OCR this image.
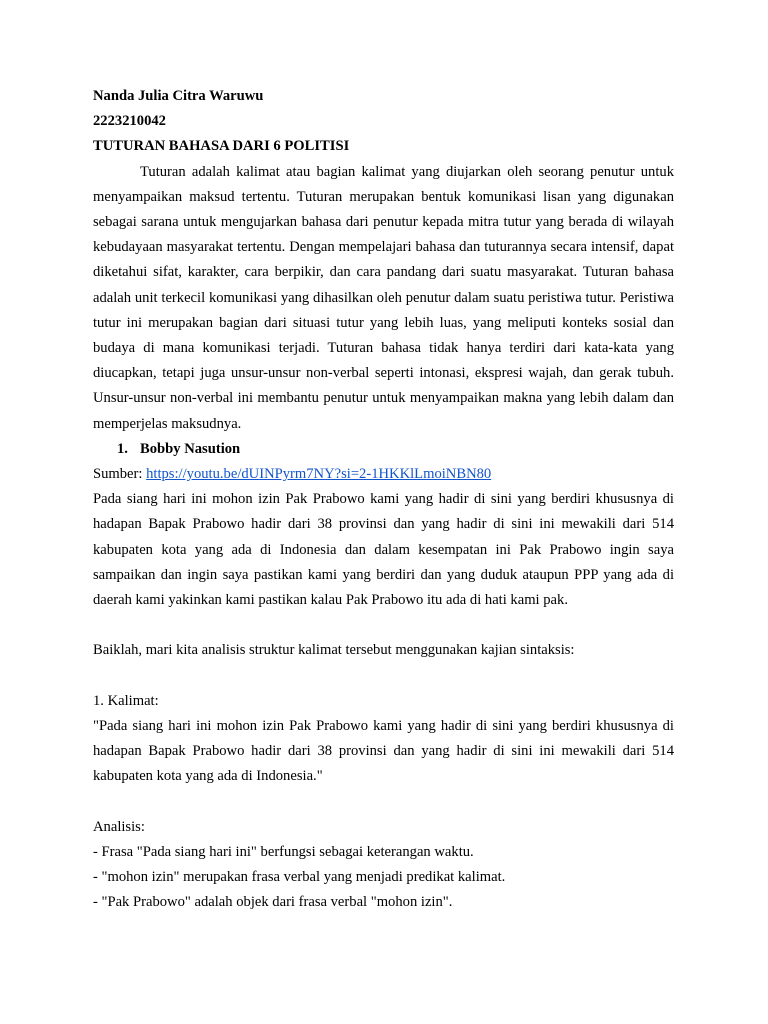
Nanda Julia Citra Waruwu

2223210042

TUTURAN BAHASA DARI 6 POLITISI

Tuturan adalah kalimat atau bagian kalimat yang diujarkan oleh seorang penutur untuk menyampaikan maksud tertentu. Tuturan merupakan bentuk komunikasi lisan yang digunakan sebagai sarana untuk mengujarkan bahasa dari penutur kepada mitra tutur yang berada di wilayah kebudayaan masyarakat tertentu. Dengan mempelajari bahasa dan tuturannya secara intensif, dapat diketahui sifat, karakter, cara berpikir, dan cara pandang dari suatu masyarakat. Tuturan bahasa adalah unit terkecil komunikasi yang dihasilkan oleh penutur dalam suatu peristiwa tutur. Peristiwa tutur ini merupakan bagian dari situasi tutur yang lebih luas, yang meliputi konteks sosial dan budaya di mana komunikasi terjadi. Tuturan bahasa tidak hanya terdiri dari kata-kata yang diucapkan, tetapi juga unsur-unsur non-verbal seperti intonasi, ekspresi wajah, dan gerak tubuh. Unsur-unsur non-verbal ini membantu penutur untuk menyampaikan makna yang lebih dalam dan memperjelas maksudnya.

1. Bobby Nasution

Sumber: https://youtu.be/dUINPyrm7NY?si=2-1HKKlLmoiNBN80

Pada siang hari ini mohon izin Pak Prabowo kami yang hadir di sini yang berdiri khususnya di hadapan Bapak Prabowo hadir dari 38 provinsi dan yang hadir di sini ini mewakili dari 514 kabupaten kota yang ada di Indonesia dan dalam kesempatan ini Pak Prabowo ingin saya sampaikan dan ingin saya pastikan kami yang berdiri dan yang duduk ataupun PPP yang ada di daerah kami yakinkan kami pastikan kalau Pak Prabowo itu ada di hati kami pak.

Baiklah, mari kita analisis struktur kalimat tersebut menggunakan kajian sintaksis:

1. Kalimat:

"Pada siang hari ini mohon izin Pak Prabowo kami yang hadir di sini yang berdiri khususnya di hadapan Bapak Prabowo hadir dari 38 provinsi dan yang hadir di sini ini mewakili dari 514 kabupaten kota yang ada di Indonesia."

Analisis:

- Frasa "Pada siang hari ini" berfungsi sebagai keterangan waktu.

- "mohon izin" merupakan frasa verbal yang menjadi predikat kalimat.

- "Pak Prabowo" adalah objek dari frasa verbal "mohon izin".
